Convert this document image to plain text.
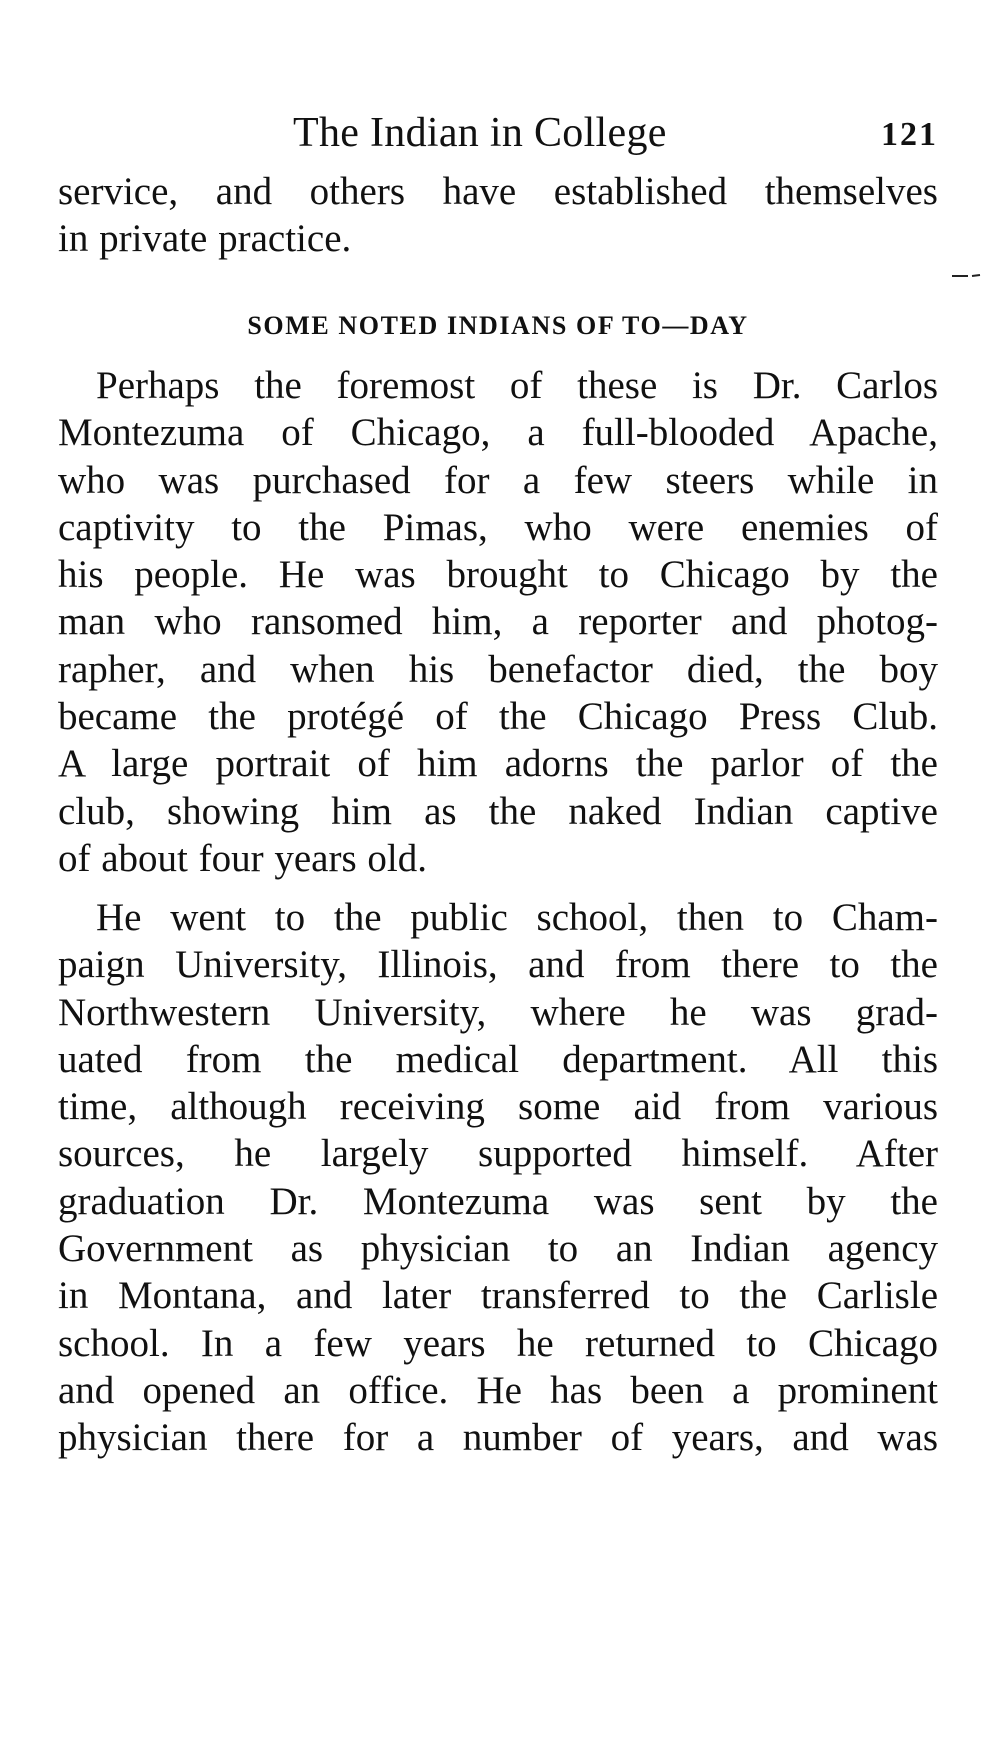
The Indian in College	121
service, and others have established themselves
in private practice.
SOME NOTED INDIANS OF TO—DAY
Perhaps the foremost of these is Dr. Carlos
Montezuma of Chicago, a full-blooded Apache,
who was purchased for a few steers while in
captivity to the Pimas, who were enemies of
his people. He was brought to Chicago by the
man who ransomed him, a reporter and photog-
rapher, and when his benefactor died, the boy
became the protégé of the Chicago Press Club.
A large portrait of him adorns the parlor of the
club, showing him as the naked Indian captive
of about four years old.
He went to the public school, then to Cham-
paign University, Illinois, and from there to the
Northwestern University, where he was grad-
uated from the medical department. All this
time, although receiving some aid from various
sources, he largely supported himself. After
graduation Dr. Montezuma was sent by the
Government as physician to an Indian agency
in Montana, and later transferred to the Carlisle
school. In a few years he returned to Chicago
and opened an office. He has been a prominent
physician there for a number of years, and was
